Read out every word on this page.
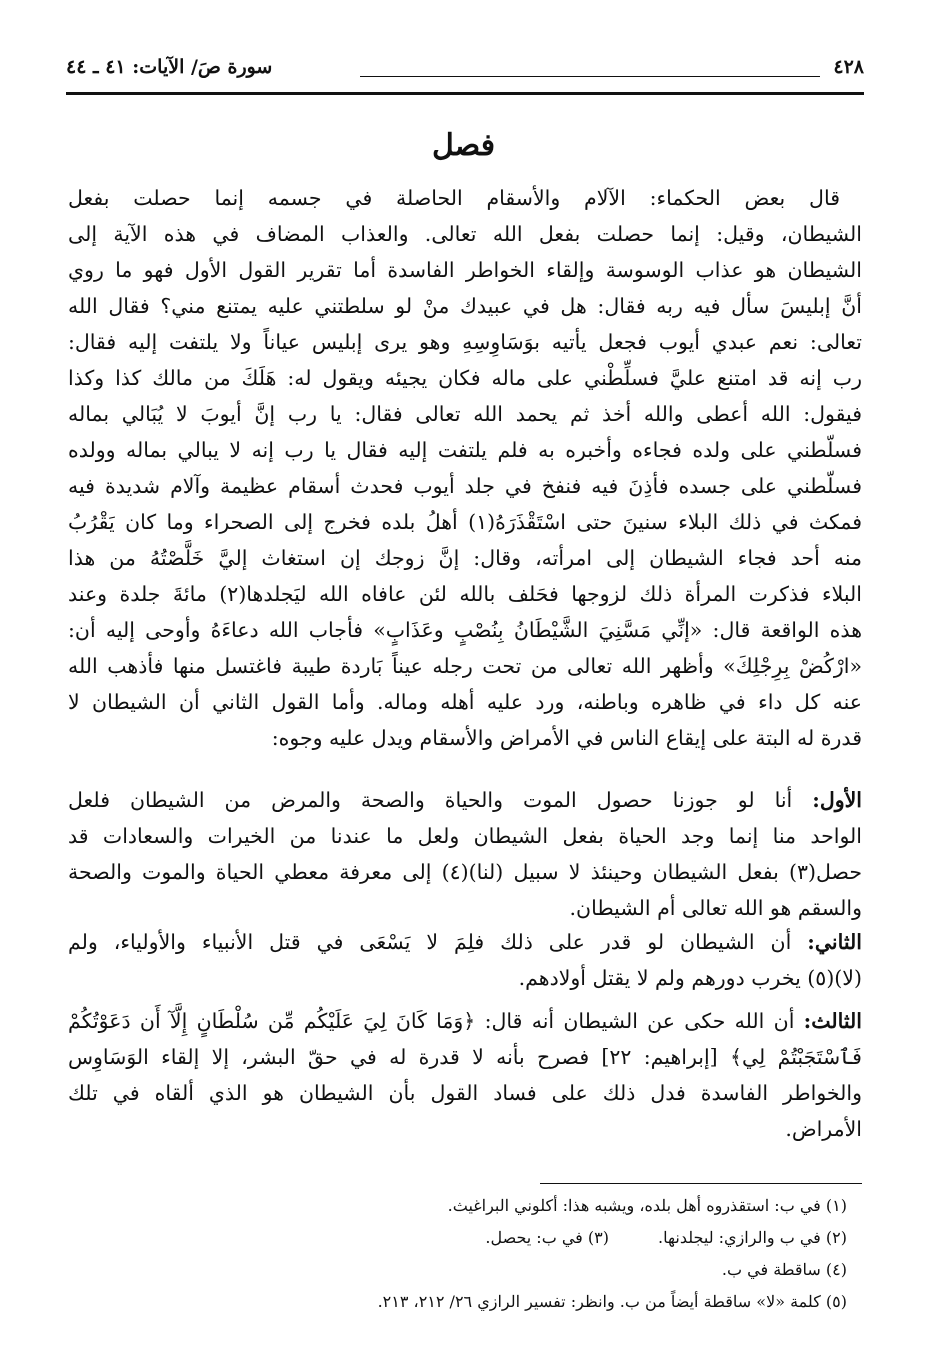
٤٢٨
سورة صَ/ الآيات: ٤١ ـ ٤٤
فصل
قال بعض الحكماء: الآلام والأسقام الحاصلة في جسمه إنما حصلت بفعل
الشيطان، وقيل: إنما حصلت بفعل الله تعالى. والعذاب المضاف في هذه الآية إلى
الشيطان هو عذاب الوسوسة وإلقاء الخواطر الفاسدة أما تقرير القول الأول فهو ما روي
أنَّ إبليسَ سأل فيه ربه فقال: هل في عبيدك منْ لو سلطتني عليه يمتنع مني؟ فقال الله
تعالى: نعم عبدي أيوب فجعل يأتيه بوَسَاوِسِهِ وهو يرى إبليس عياناً ولا يلتفت إليه فقال:
رب إنه قد امتنع عليَّ فسلِّطْني على ماله فكان يجيئه ويقول له: هَلَكَ من مالك كذا وكذا
فيقول: الله أعطى والله أخذ ثم يحمد الله تعالى فقال: يا رب إنَّ أيوبَ لا يُبَالي بماله
فسلّطني على ولده فجاءه وأخبره به فلم يلتفت إليه فقال يا رب إنه لا يبالي بماله وولده
فسلّطني على جسده فأذِنَ فيه فنفخ في جلد أيوب فحدث أسقام عظيمة وآلام شديدة فيه
فمكث في ذلك البلاء سنينَ حتى اسْتَقْذَرَهُ(١) أهلُ بلده فخرج إلى الصحراء وما كان يَقْرُبُ
منه أحد فجاء الشيطان إلى امرأته، وقال: إنَّ زوجك إن استغاث إليَّ خَلَّصْتُهُ من هذا
البلاء فذكرت المرأة ذلك لزوجها فحَلف بالله لئن عافاه الله ليَجلدها(٢) مائةَ جلدة وعند
هذه الواقعة قال: «إنِّي مَسَّنِيَ الشَّيْطَانُ بِنُصْبٍ وعَذَابٍ» فأجاب الله دعاءَهُ وأوحى إليه أن:
«ارْكُضْ بِرِجْلِكَ» وأظهر الله تعالى من تحت رجله عيناً بَاردة طيبة فاغتسل منها فأذهب الله
عنه كل داء في ظاهره وباطنه، ورد عليه أهله وماله. وأما القول الثاني أن الشيطان لا
قدرة له البتة على إيقاع الناس في الأمراض والأسقام ويدل عليه وجوه:
الأول: أنا لو جوزنا حصول الموت والحياة والصحة والمرض من الشيطان فلعل
الواحد منا إنما وجد الحياة بفعل الشيطان ولعل ما عندنا من الخيرات والسعادات قد
حصل(٣) بفعل الشيطان وحينئذ لا سبيل (لنا)(٤) إلى معرفة معطي الحياة والموت والصحة
والسقم هو الله تعالى أم الشيطان.
الثاني: أن الشيطان لو قدر على ذلك فلِمَ لا يَسْعَى في قتل الأنبياء والأولياء، ولم
(لا)(٥) يخرب دورهم ولم لا يقتل أولادهم.
الثالث: أن الله حكى عن الشيطان أنه قال: ﴿وَمَا كَانَ لِيَ عَلَيْكُم مِّن سُلْطَانٍ إِلَّآ أَن دَعَوْتُكُمْ
فَٱسْتَجَبْتُمْ لِي﴾ [إبراهيم: ٢٢] فصرح بأنه لا قدرة له في حقّ البشر، إلا إلقاء الوَسَاوِس
والخواطر الفاسدة فدل ذلك على فساد القول بأن الشيطان هو الذي ألقاه في تلك
الأمراض.
(١) في ب: استقذروه أهل بلده، ويشبه هذا: أكلوني البراغيث.
(٢) في ب والرازي: ليجلدنها.
(٣) في ب: يحصل.
(٤) ساقطة في ب.
(٥) كلمة «لا» ساقطة أيضاً من ب. وانظر: تفسير الرازي ٢٦/ ٢١٢، ٢١٣.
